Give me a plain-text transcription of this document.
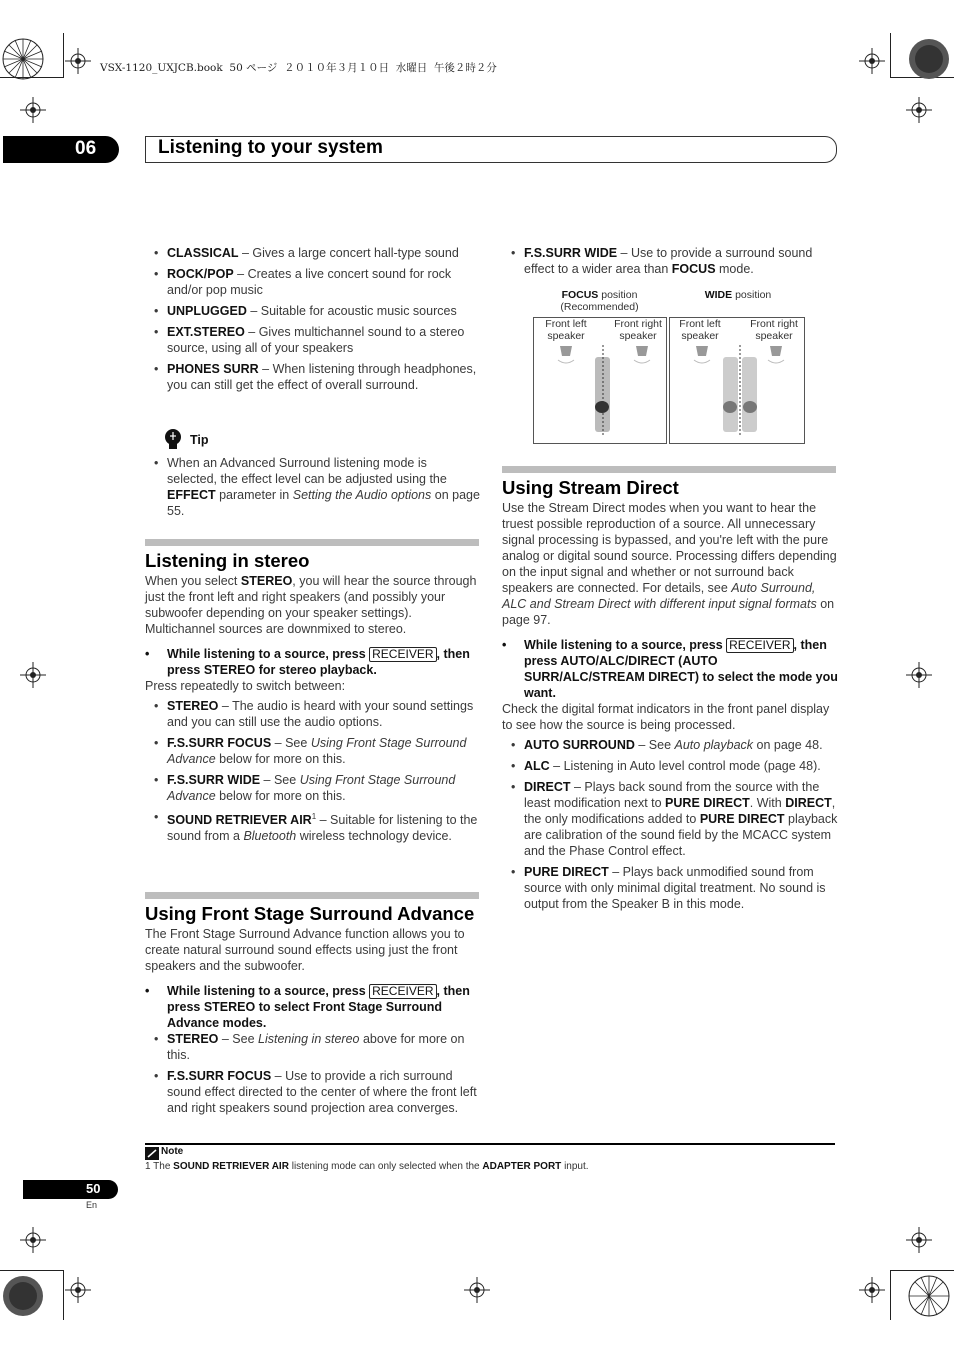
VSX-1120_UXJCB.book  50 ページ  ２０１０年３月１０日  水曜日  午後２時２分
06	Listening to your system
• CLASSICAL – Gives a large concert hall-type sound
• ROCK/POP – Creates a live concert sound for rock and/or pop music
• UNPLUGGED – Suitable for acoustic music sources
• EXT.STEREO – Gives multichannel sound to a stereo source, using all of your speakers
• PHONES SURR – When listening through headphones, you can still get the effect of overall surround.
Tip
• When an Advanced Surround listening mode is selected, the effect level can be adjusted using the EFFECT parameter in Setting the Audio options on page 55.
Listening in stereo

When you select STEREO, you will hear the source through just the front left and right speakers (and possibly your subwoofer depending on your speaker settings). Multichannel sources are downmixed to stereo.

• While listening to a source, press RECEIVER , then press STEREO for stereo playback.

Press repeatedly to switch between:

• STEREO – The audio is heard with your sound settings and you can still use the audio options.
• F.S.SURR FOCUS – See Using Front Stage Surround Advance below for more on this.
• F.S.SURR WIDE – See Using Front Stage Surround Advance below for more on this.
• SOUND RETRIEVER AIR$^1$ – Suitable for listening to the sound from a Bluetooth wireless technology device.
Using Front Stage Surround Advance

The Front Stage Surround Advance function allows you to create natural surround sound effects using just the front speakers and the subwoofer.

• While listening to a source, press RECEIVER , then press STEREO to select Front Stage Surround Advance modes.

• STEREO – See Listening in stereo above for more on this.
• F.S.SURR FOCUS – Use to provide a rich surround sound effect directed to the center of where the front left and right speakers sound projection area converges.
• F.S.SURR WIDE – Use to provide a surround sound effect to a wider area than FOCUS mode.
FOCUS position
(Recommended)
WIDE position
Front left
speaker
Front right
speaker
Front left
speaker
Front right
speaker
Using Stream Direct

Use the Stream Direct modes when you want to hear the truest possible reproduction of a source. All unnecessary signal processing is bypassed, and you're left with the pure analog or digital sound source. Processing differs depending on the input signal and whether or not surround back speakers are connected. For details, see Auto Surround, ALC and Stream Direct with different input signal formats on page 97.

• While listening to a source, press RECEIVER , then press AUTO/ALC/DIRECT (AUTO SURR/ALC/STREAM DIRECT) to select the mode you want.

Check the digital format indicators in the front panel display to see how the source is being processed.

• AUTO SURROUND – See Auto playback on page 48.
• ALC – Listening in Auto level control mode (page 48).
• DIRECT – Plays back sound from the source with the least modification next to PURE DIRECT. With DIRECT, the only modifications added to PURE DIRECT playback are calibration of the sound field by the MCACC system and the Phase Control effect.
• PURE DIRECT – Plays back unmodified sound from source with only minimal digital treatment. No sound is output from the Speaker B in this mode.
Note
1 The SOUND RETRIEVER AIR listening mode can only selected when the ADAPTER PORT input.
50
En
